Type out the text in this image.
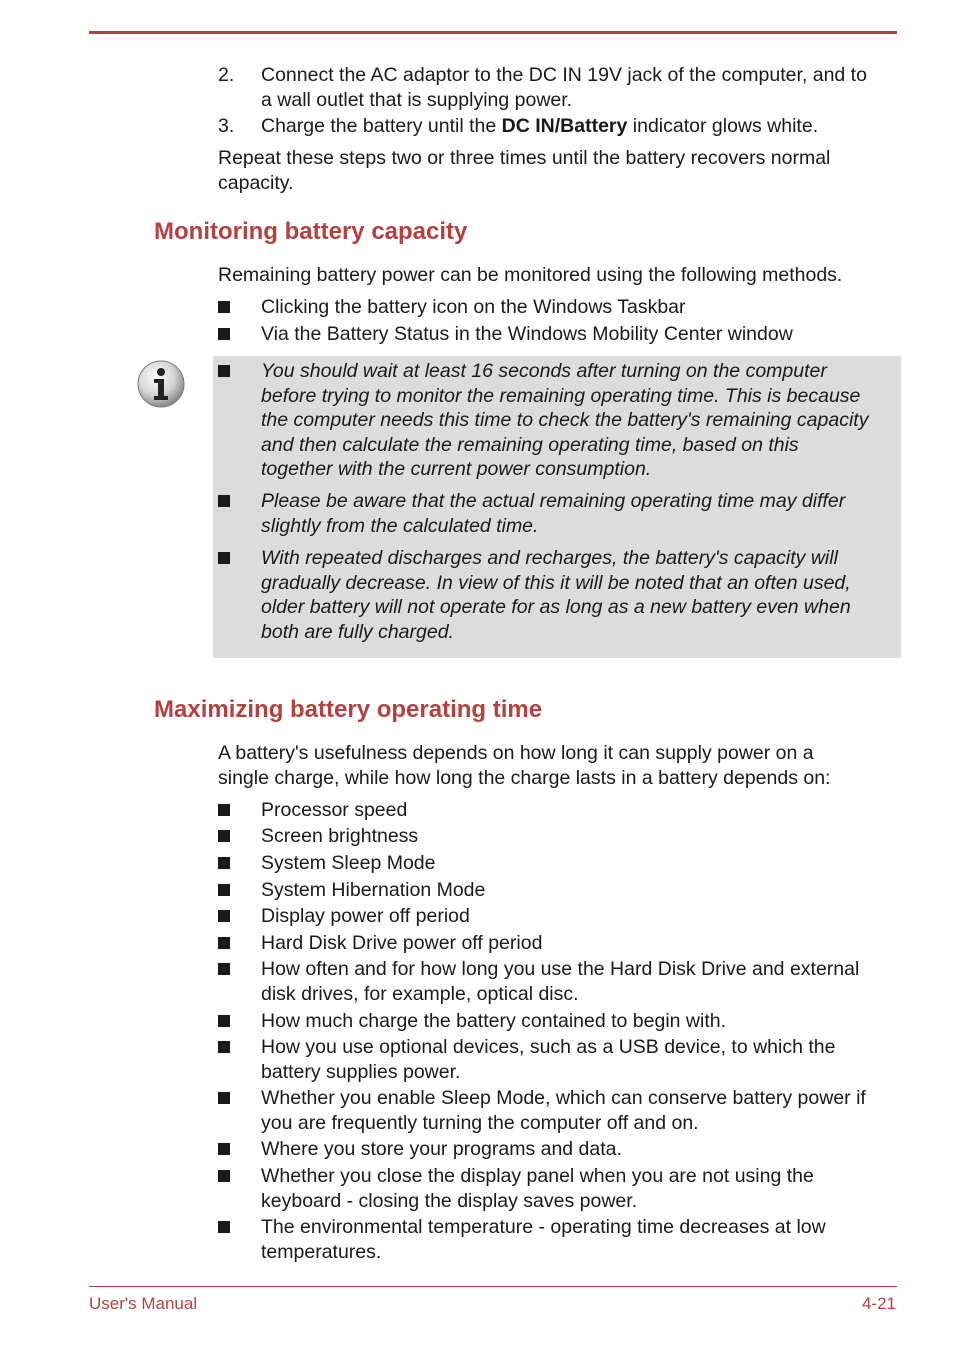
2. Connect the AC adaptor to the DC IN 19V jack of the computer, and to
a wall outlet that is supplying power.
3. Charge the battery until the DC IN/Battery indicator glows white.
Repeat these steps two or three times until the battery recovers normal
capacity.
Monitoring battery capacity
Remaining battery power can be monitored using the following methods.
Clicking the battery icon on the Windows Taskbar
Via the Battery Status in the Windows Mobility Center window
You should wait at least 16 seconds after turning on the computer
before trying to monitor the remaining operating time. This is because
the computer needs this time to check the battery's remaining capacity
and then calculate the remaining operating time, based on this
together with the current power consumption.
Please be aware that the actual remaining operating time may differ
slightly from the calculated time.
With repeated discharges and recharges, the battery's capacity will
gradually decrease. In view of this it will be noted that an often used,
older battery will not operate for as long as a new battery even when
both are fully charged.
Maximizing battery operating time
A battery's usefulness depends on how long it can supply power on a
single charge, while how long the charge lasts in a battery depends on:
Processor speed
Screen brightness
System Sleep Mode
System Hibernation Mode
Display power off period
Hard Disk Drive power off period
How often and for how long you use the Hard Disk Drive and external
disk drives, for example, optical disc.
How much charge the battery contained to begin with.
How you use optional devices, such as a USB device, to which the
battery supplies power.
Whether you enable Sleep Mode, which can conserve battery power if
you are frequently turning the computer off and on.
Where you store your programs and data.
Whether you close the display panel when you are not using the
keyboard - closing the display saves power.
The environmental temperature - operating time decreases at low
temperatures.
User's Manual	4-21
